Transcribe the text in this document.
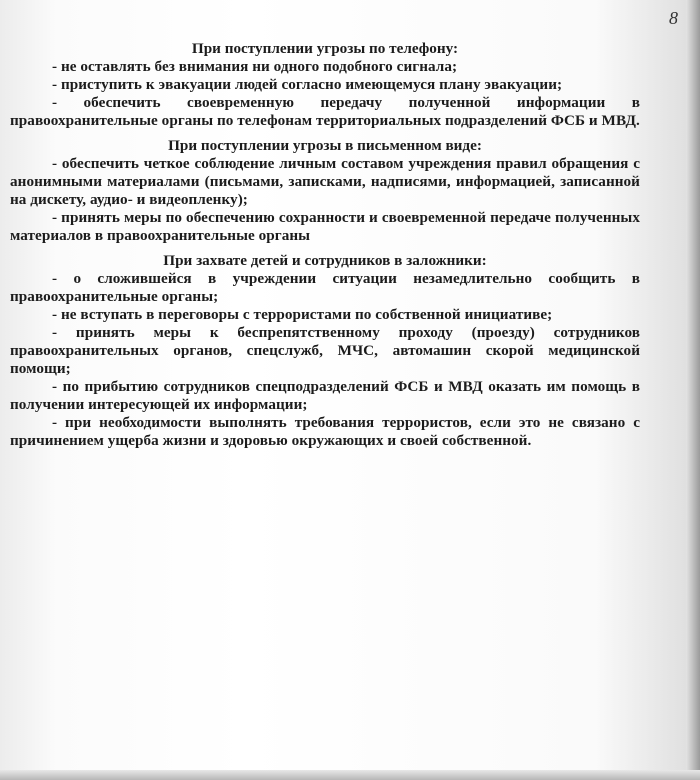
8
При поступлении угрозы по телефону:

- не оставлять без внимания ни одного подобного сигнала;

- приступить к эвакуации людей согласно имеющемуся плану эвакуации;

- обеспечить своевременную передачу полученной информации в правоохранительные органы по телефонам территориальных подразделений ФСБ и МВД.

При поступлении угрозы в письменном виде:

- обеспечить четкое соблюдение личным составом учреждения правил обращения с анонимными материалами (письмами, записками, надписями, информацией, записанной на дискету, аудио- и видеопленку);

- принять меры по обеспечению сохранности и своевременной передаче полученных материалов в правоохранительные органы

При захвате детей и сотрудников в заложники:

- о сложившейся в учреждении ситуации незамедлительно сообщить в правоохранительные органы;

- не вступать в переговоры с террористами по собственной инициативе;

- принять меры к беспрепятственному проходу (проезду) сотрудников правоохранительных органов, спецслужб, МЧС, автомашин скорой медицинской помощи;

- по прибытию сотрудников спецподразделений ФСБ и МВД оказать им помощь в получении интересующей их информации;

- при необходимости выполнять требования террористов, если это не связано с причинением ущерба жизни и здоровью окружающих и своей собственной.
